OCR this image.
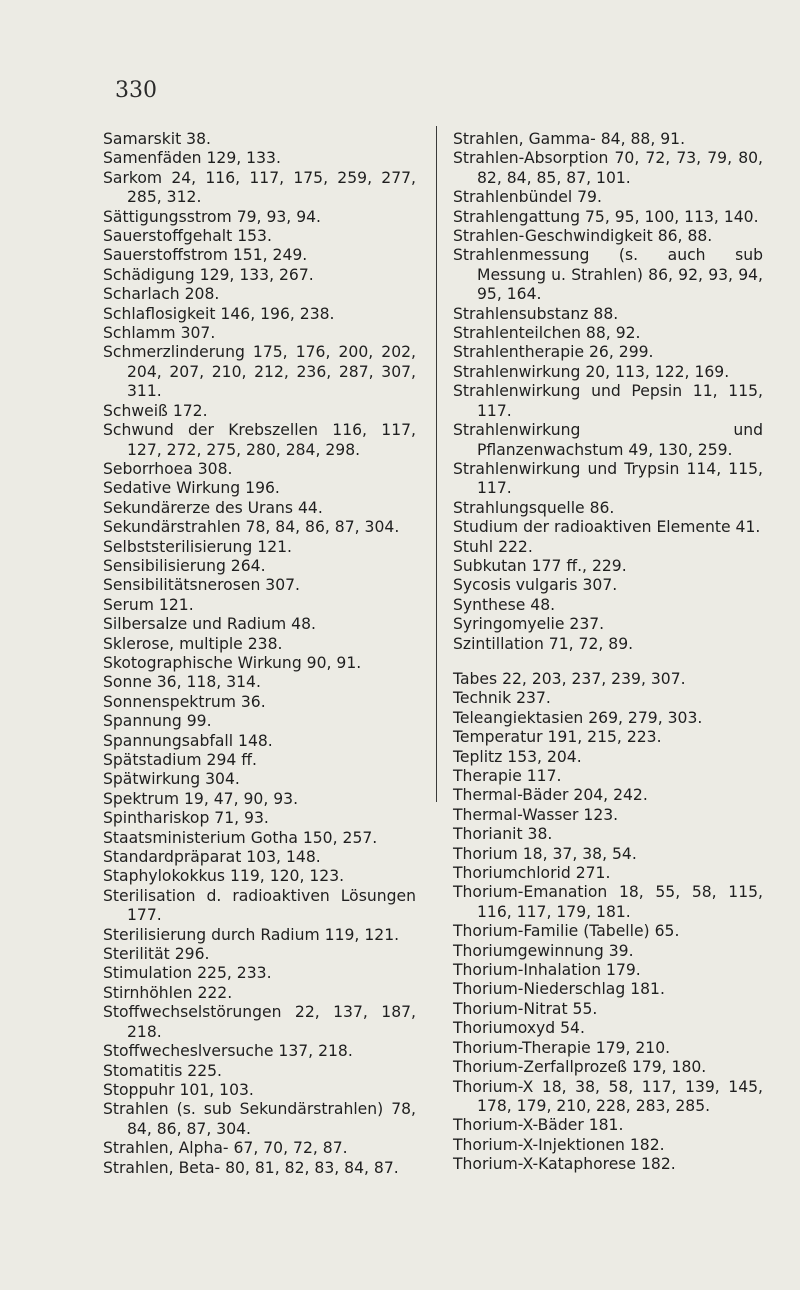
330
Samarskit 38.
Samenfäden 129, 133.
Sarkom 24, 116, 117, 175, 259, 277, 285, 312.
Sättigungsstrom 79, 93, 94.
Sauerstoffgehalt 153.
Sauerstoffstrom 151, 249.
Schädigung 129, 133, 267.
Scharlach 208.
Schlaflosigkeit 146, 196, 238.
Schlamm 307.
Schmerzlinderung 175, 176, 200, 202, 204, 207, 210, 212, 236, 287, 307, 311.
Schweiß 172.
Schwund der Krebszellen 116, 117, 127, 272, 275, 280, 284, 298.
Seborrhoea 308.
Sedative Wirkung 196.
Sekundärerze des Urans 44.
Sekundärstrahlen 78, 84, 86, 87, 304.
Selbststerilisierung 121.
Sensibilisierung 264.
Sensibilitätsnerosen 307.
Serum 121.
Silbersalze und Radium 48.
Sklerose, multiple 238.
Skotographische Wirkung 90, 91.
Sonne 36, 118, 314.
Sonnenspektrum 36.
Spannung 99.
Spannungsabfall 148.
Spätstadium 294 ff.
Spätwirkung 304.
Spektrum 19, 47, 90, 93.
Spinthariskop 71, 93.
Staatsministerium Gotha 150, 257.
Standardpräparat 103, 148.
Staphylokokkus 119, 120, 123.
Sterilisation d. radioaktiven Lösungen 177.
Sterilisierung durch Radium 119, 121.
Sterilität 296.
Stimulation 225, 233.
Stirnhöhlen 222.
Stoffwechselstörungen 22, 137, 187, 218.
Stoffwecheslversuche 137, 218.
Stomatitis 225.
Stoppuhr 101, 103.
Strahlen (s. sub Sekundärstrahlen) 78, 84, 86, 87, 304.
Strahlen, Alpha- 67, 70, 72, 87.
Strahlen, Beta- 80, 81, 82, 83, 84, 87.
Strahlen, Gamma- 84, 88, 91.
Strahlen-Absorption 70, 72, 73, 79, 80, 82, 84, 85, 87, 101.
Strahlenbündel 79.
Strahlengattung 75, 95, 100, 113, 140.
Strahlen-Geschwindigkeit 86, 88.
Strahlenmessung (s. auch sub Messung u. Strahlen) 86, 92, 93, 94, 95, 164.
Strahlensubstanz 88.
Strahlenteilchen 88, 92.
Strahlentherapie 26, 299.
Strahlenwirkung 20, 113, 122, 169.
Strahlenwirkung und Pepsin 11, 115, 117.
Strahlenwirkung und Pflanzenwachstum 49, 130, 259.
Strahlenwirkung und Trypsin 114, 115, 117.
Strahlungsquelle 86.
Studium der radioaktiven Elemente 41.
Stuhl 222.
Subkutan 177 ff., 229.
Sycosis vulgaris 307.
Synthese 48.
Syringomyelie 237.
Szintillation 71, 72, 89.
Tabes 22, 203, 237, 239, 307.
Technik 237.
Teleangiektasien 269, 279, 303.
Temperatur 191, 215, 223.
Teplitz 153, 204.
Therapie 117.
Thermal-Bäder 204, 242.
Thermal-Wasser 123.
Thorianit 38.
Thorium 18, 37, 38, 54.
Thoriumchlorid 271.
Thorium-Emanation 18, 55, 58, 115, 116, 117, 179, 181.
Thorium-Familie (Tabelle) 65.
Thoriumgewinnung 39.
Thorium-Inhalation 179.
Thorium-Niederschlag 181.
Thorium-Nitrat 55.
Thoriumoxyd 54.
Thorium-Therapie 179, 210.
Thorium-Zerfallprozeß 179, 180.
Thorium-X 18, 38, 58, 117, 139, 145, 178, 179, 210, 228, 283, 285.
Thorium-X-Bäder 181.
Thorium-X-Injektionen 182.
Thorium-X-Kataphorese 182.
